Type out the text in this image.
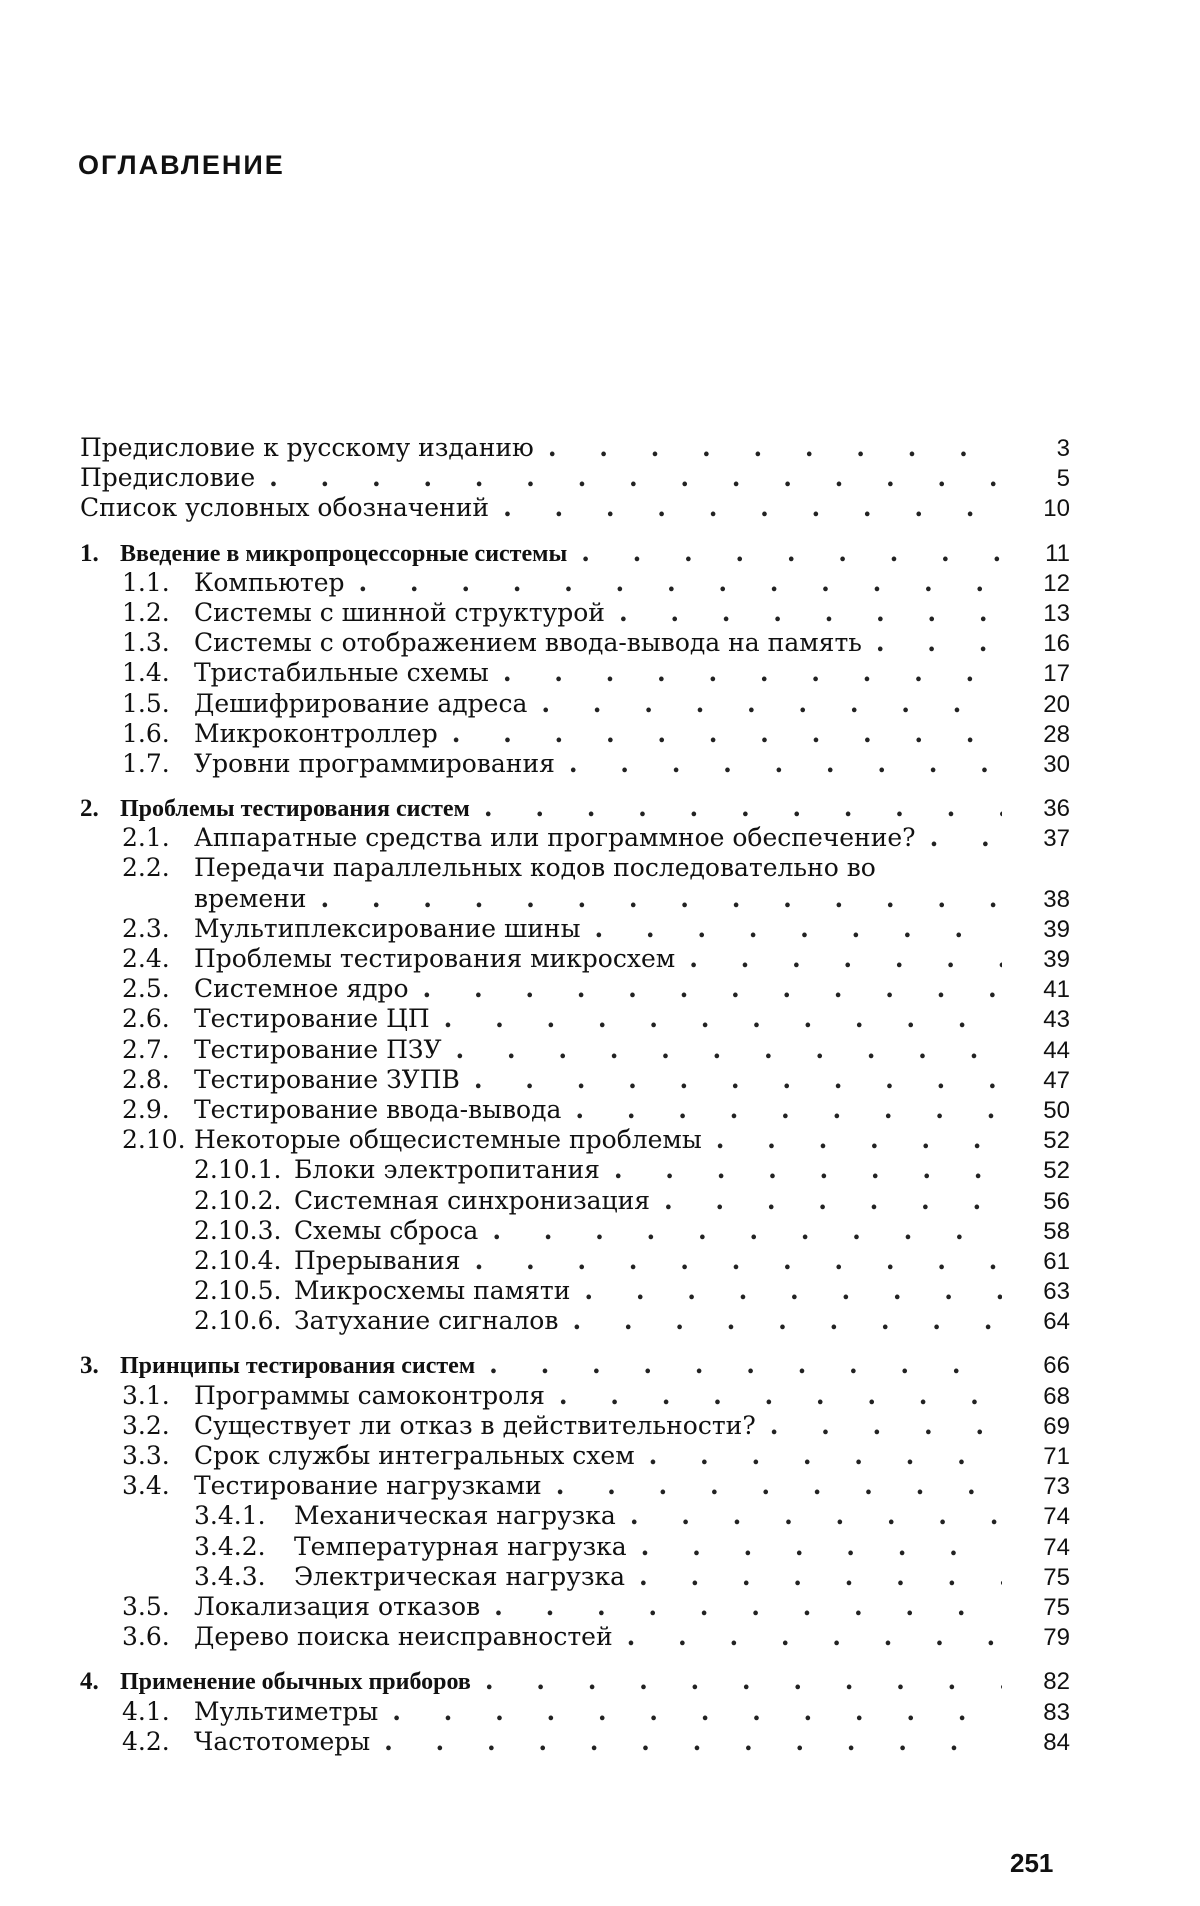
ОГЛАВЛЕНИЕ
Предисловие к русскому изданию . . .	3
Предисловие . . .	5
Список условных обозначений . . .	10
1. Введение в микропроцессорные системы . . .	11
1.1. Компьютер . . .	12
1.2. Системы с шинной структурой . . .	13
1.3. Системы с отображением ввода-вывода на память . . .	16
1.4. Тристабильные схемы . . .	17
1.5. Дешифрирование адреса . . .	20
1.6. Микроконтроллер . . .	28
1.7. Уровни программирования . . .	30
2. Проблемы тестирования систем . . .	36
2.1. Аппаратные средства или программное обеспечение? . . .	37
2.2. Передачи параллельных кодов последовательно во
времени . . .	38
2.3. Мультиплексирование шины . . .	39
2.4. Проблемы тестирования микросхем . . .	39
2.5. Системное ядро . . .	41
2.6. Тестирование ЦП . . .	43
2.7. Тестирование ПЗУ . . .	44
2.8. Тестирование ЗУПВ . . .	47
2.9. Тестирование ввода-вывода . . .	50
2.10. Некоторые общесистемные проблемы . . .	52
2.10.1. Блоки электропитания . . .	52
2.10.2. Системная синхронизация . . .	56
2.10.3. Схемы сброса . . .	58
2.10.4. Прерывания . . .	61
2.10.5. Микросхемы памяти . . .	63
2.10.6. Затухание сигналов . . .	64
3. Принципы тестирования систем . . .	66
3.1. Программы самоконтроля . . .	68
3.2. Существует ли отказ в действительности? . . .	69
3.3. Срок службы интегральных схем . . .	71
3.4. Тестирование нагрузками . . .	73
3.4.1.	Механическая нагрузка . . .	74
3.4.2.	Температурная нагрузка . . .	74
3.4.3.	Электрическая нагрузка . . .	75
3.5. Локализация отказов . . .	75
3.6. Дерево поиска неисправностей . . .	79
4. Применение обычных приборов . . .	82
4.1. Мультиметры . . .	83
4.2. Частотомеры . . .	84
251
